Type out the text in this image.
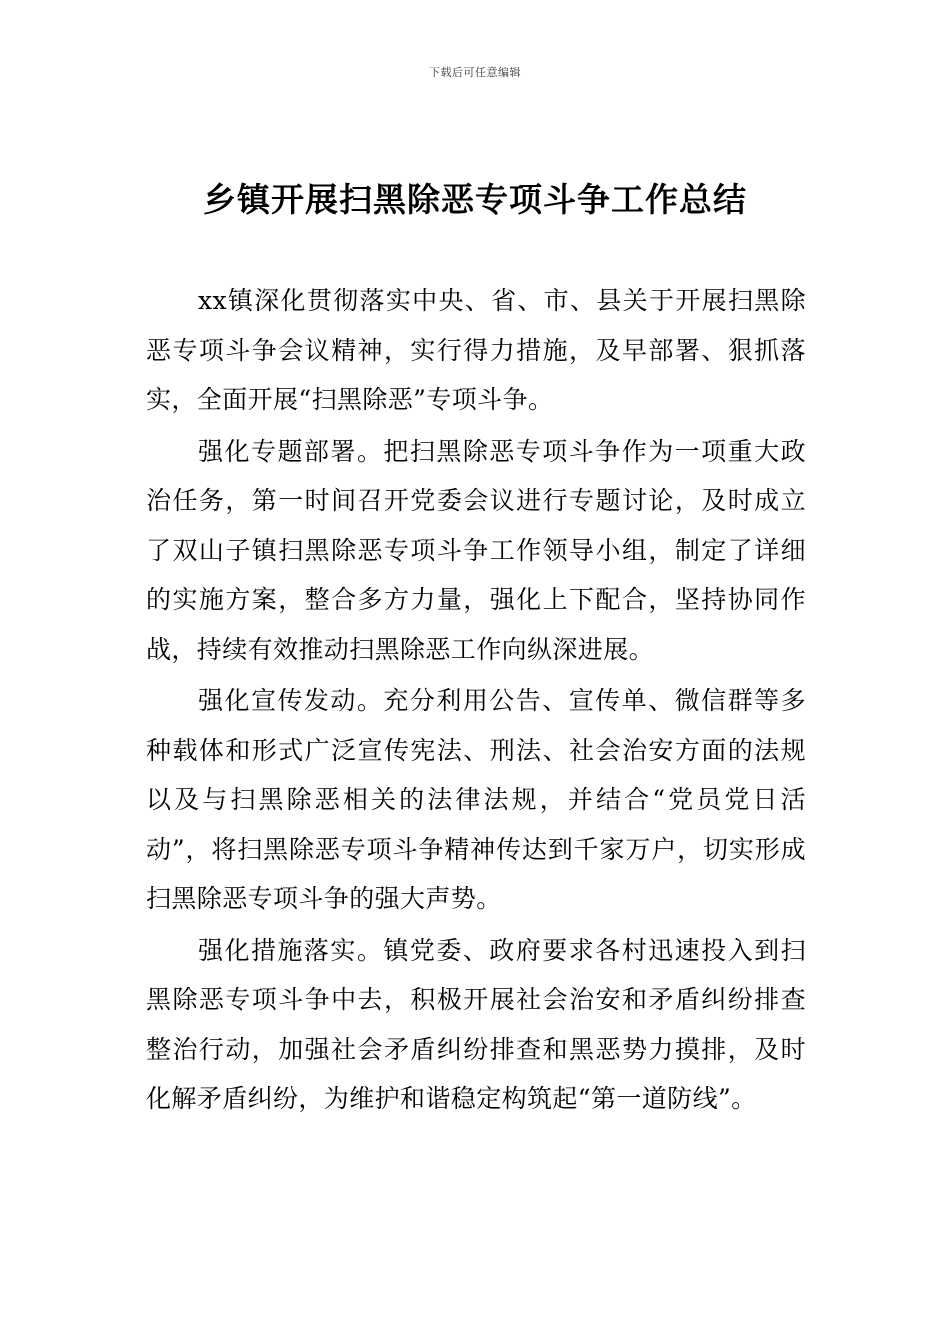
下载后可任意编辑
乡镇开展扫黑除恶专项斗争工作总结

xx镇深化贯彻落实中央、省、市、县关于开展扫黑除恶专项斗争会议精神，实行得力措施，及早部署、狠抓落实，全面开展“扫黑除恶”专项斗争。

强化专题部署。把扫黑除恶专项斗争作为一项重大政治任务，第一时间召开党委会议进行专题讨论，及时成立了双山子镇扫黑除恶专项斗争工作领导小组，制定了详细的实施方案，整合多方力量，强化上下配合，坚持协同作战，持续有效推动扫黑除恶工作向纵深进展。

强化宣传发动。充分利用公告、宣传单、微信群等多种载体和形式广泛宣传宪法、刑法、社会治安方面的法规以及与扫黑除恶相关的法律法规，并结合“党员党日活动”，将扫黑除恶专项斗争精神传达到千家万户，切实形成扫黑除恶专项斗争的强大声势。

强化措施落实。镇党委、政府要求各村迅速投入到扫黑除恶专项斗争中去，积极开展社会治安和矛盾纠纷排查整治行动，加强社会矛盾纠纷排查和黑恶势力摸排，及时化解矛盾纠纷，为维护和谐稳定构筑起“第一道防线”。
